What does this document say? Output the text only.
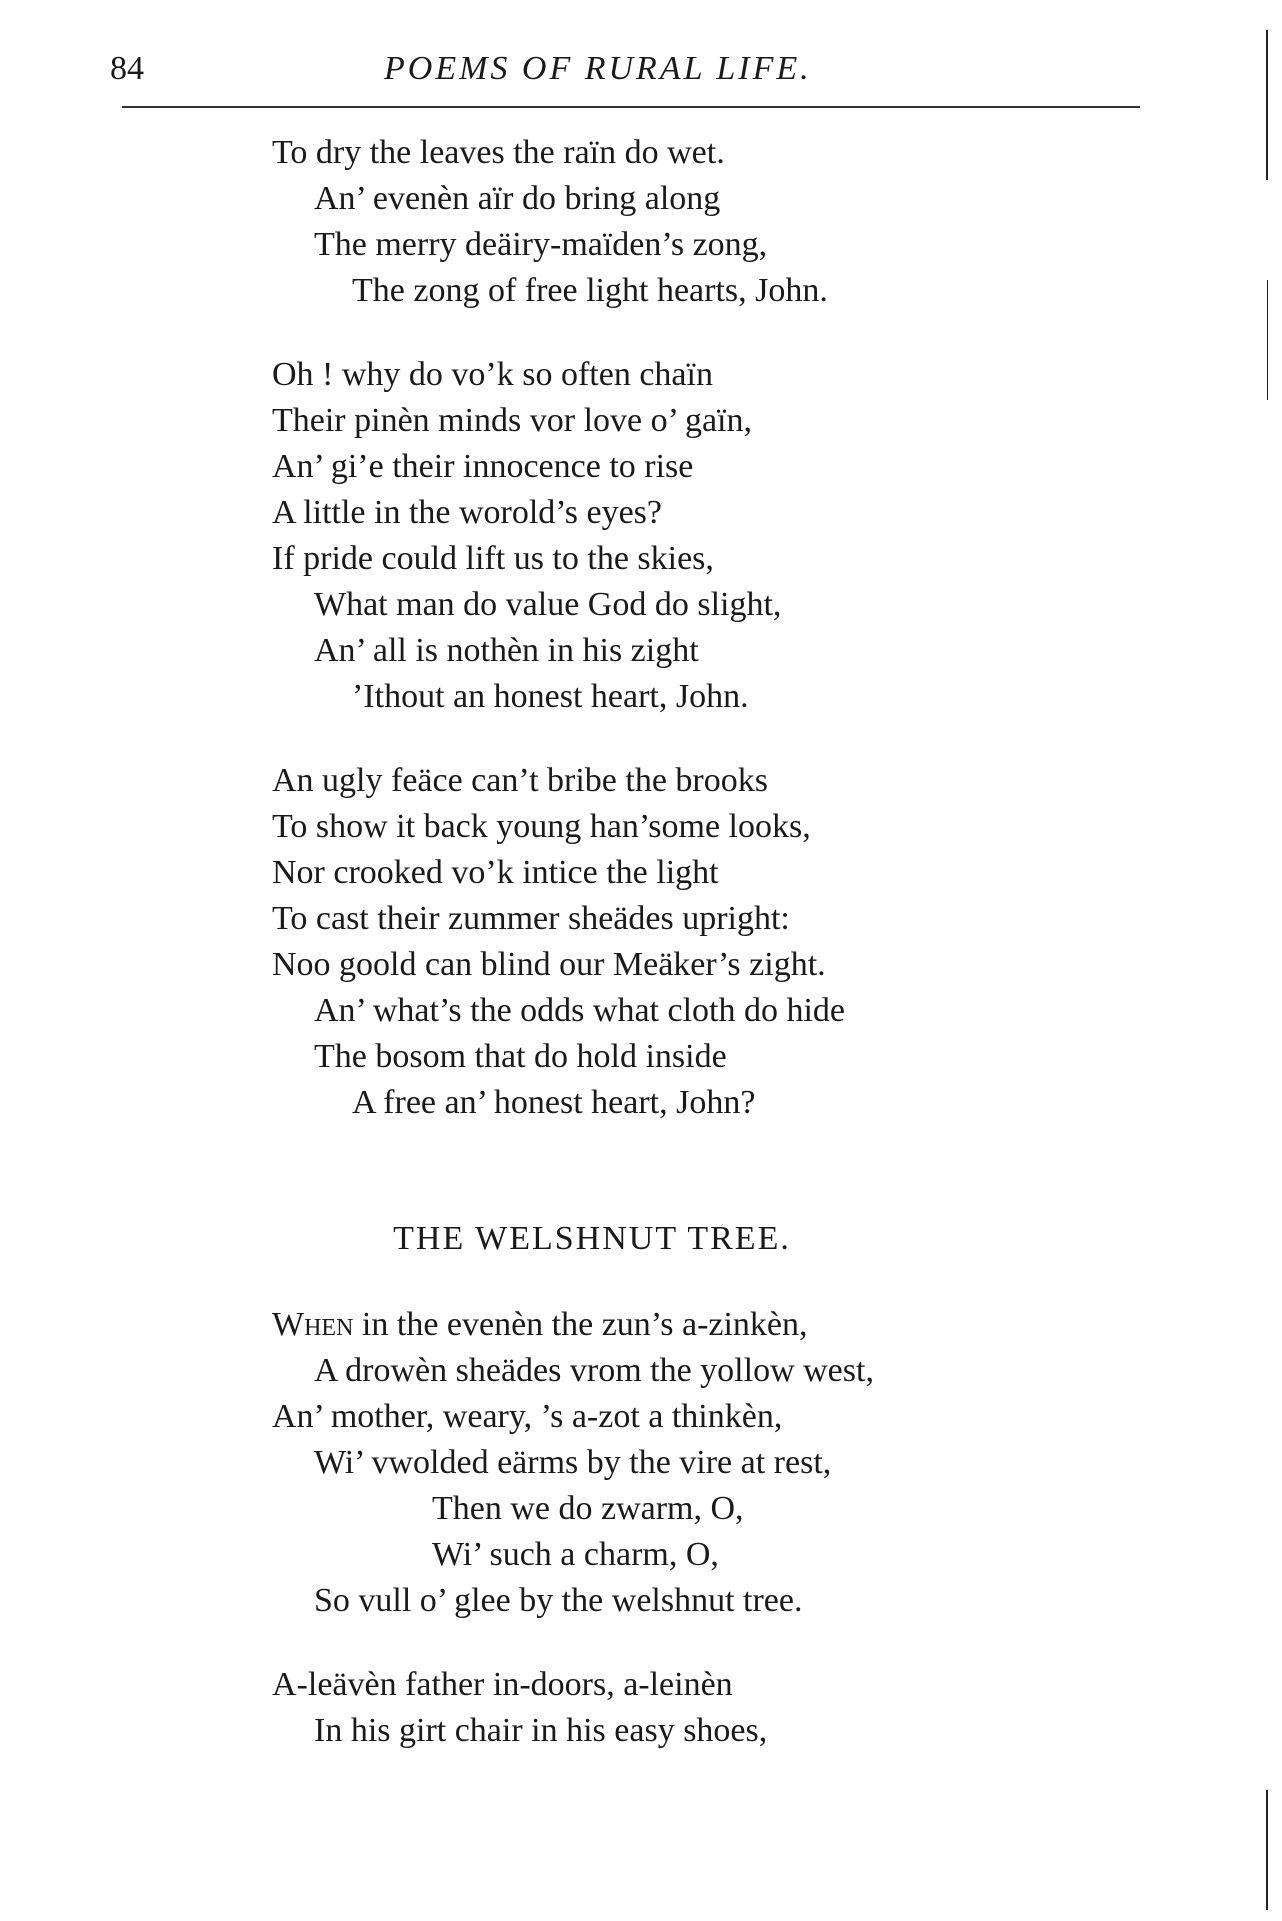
84	POEMS OF RURAL LIFE.
To dry the leaves the raïn do wet.
An’ evenèn aïr do bring along
The merry deäiry-maïden’s zong,
The zong of free light hearts, John.
Oh ! why do vo’k so often chaïn
Their pinèn minds vor love o’ gaïn,
An’ gi’e their innocence to rise
A little in the worold’s eyes?
If pride could lift us to the skies,
What man do value God do slight,
An’ all is nothèn in his zight
’Ithout an honest heart, John.
An ugly feäce can’t bribe the brooks
To show it back young han’some looks,
Nor crooked vo’k intice the light
To cast their zummer sheädes upright:
Noo goold can blind our Meäker’s zight.
An’ what’s the odds what cloth do hide
The bosom that do hold inside
A free an’ honest heart, John?
THE WELSHNUT TREE.
When in the evenèn the zun’s a-zinkèn,
A drowèn sheädes vrom the yollow west,
An’ mother, weary, ’s a-zot a thinkèn,
Wi’ vwolded eärms by the vire at rest,
Then we do zwarm, O,
Wi’ such a charm, O,
So vull o’ glee by the welshnut tree.
A-leävèn father in-doors, a-leinèn
In his girt chair in his easy shoes,
